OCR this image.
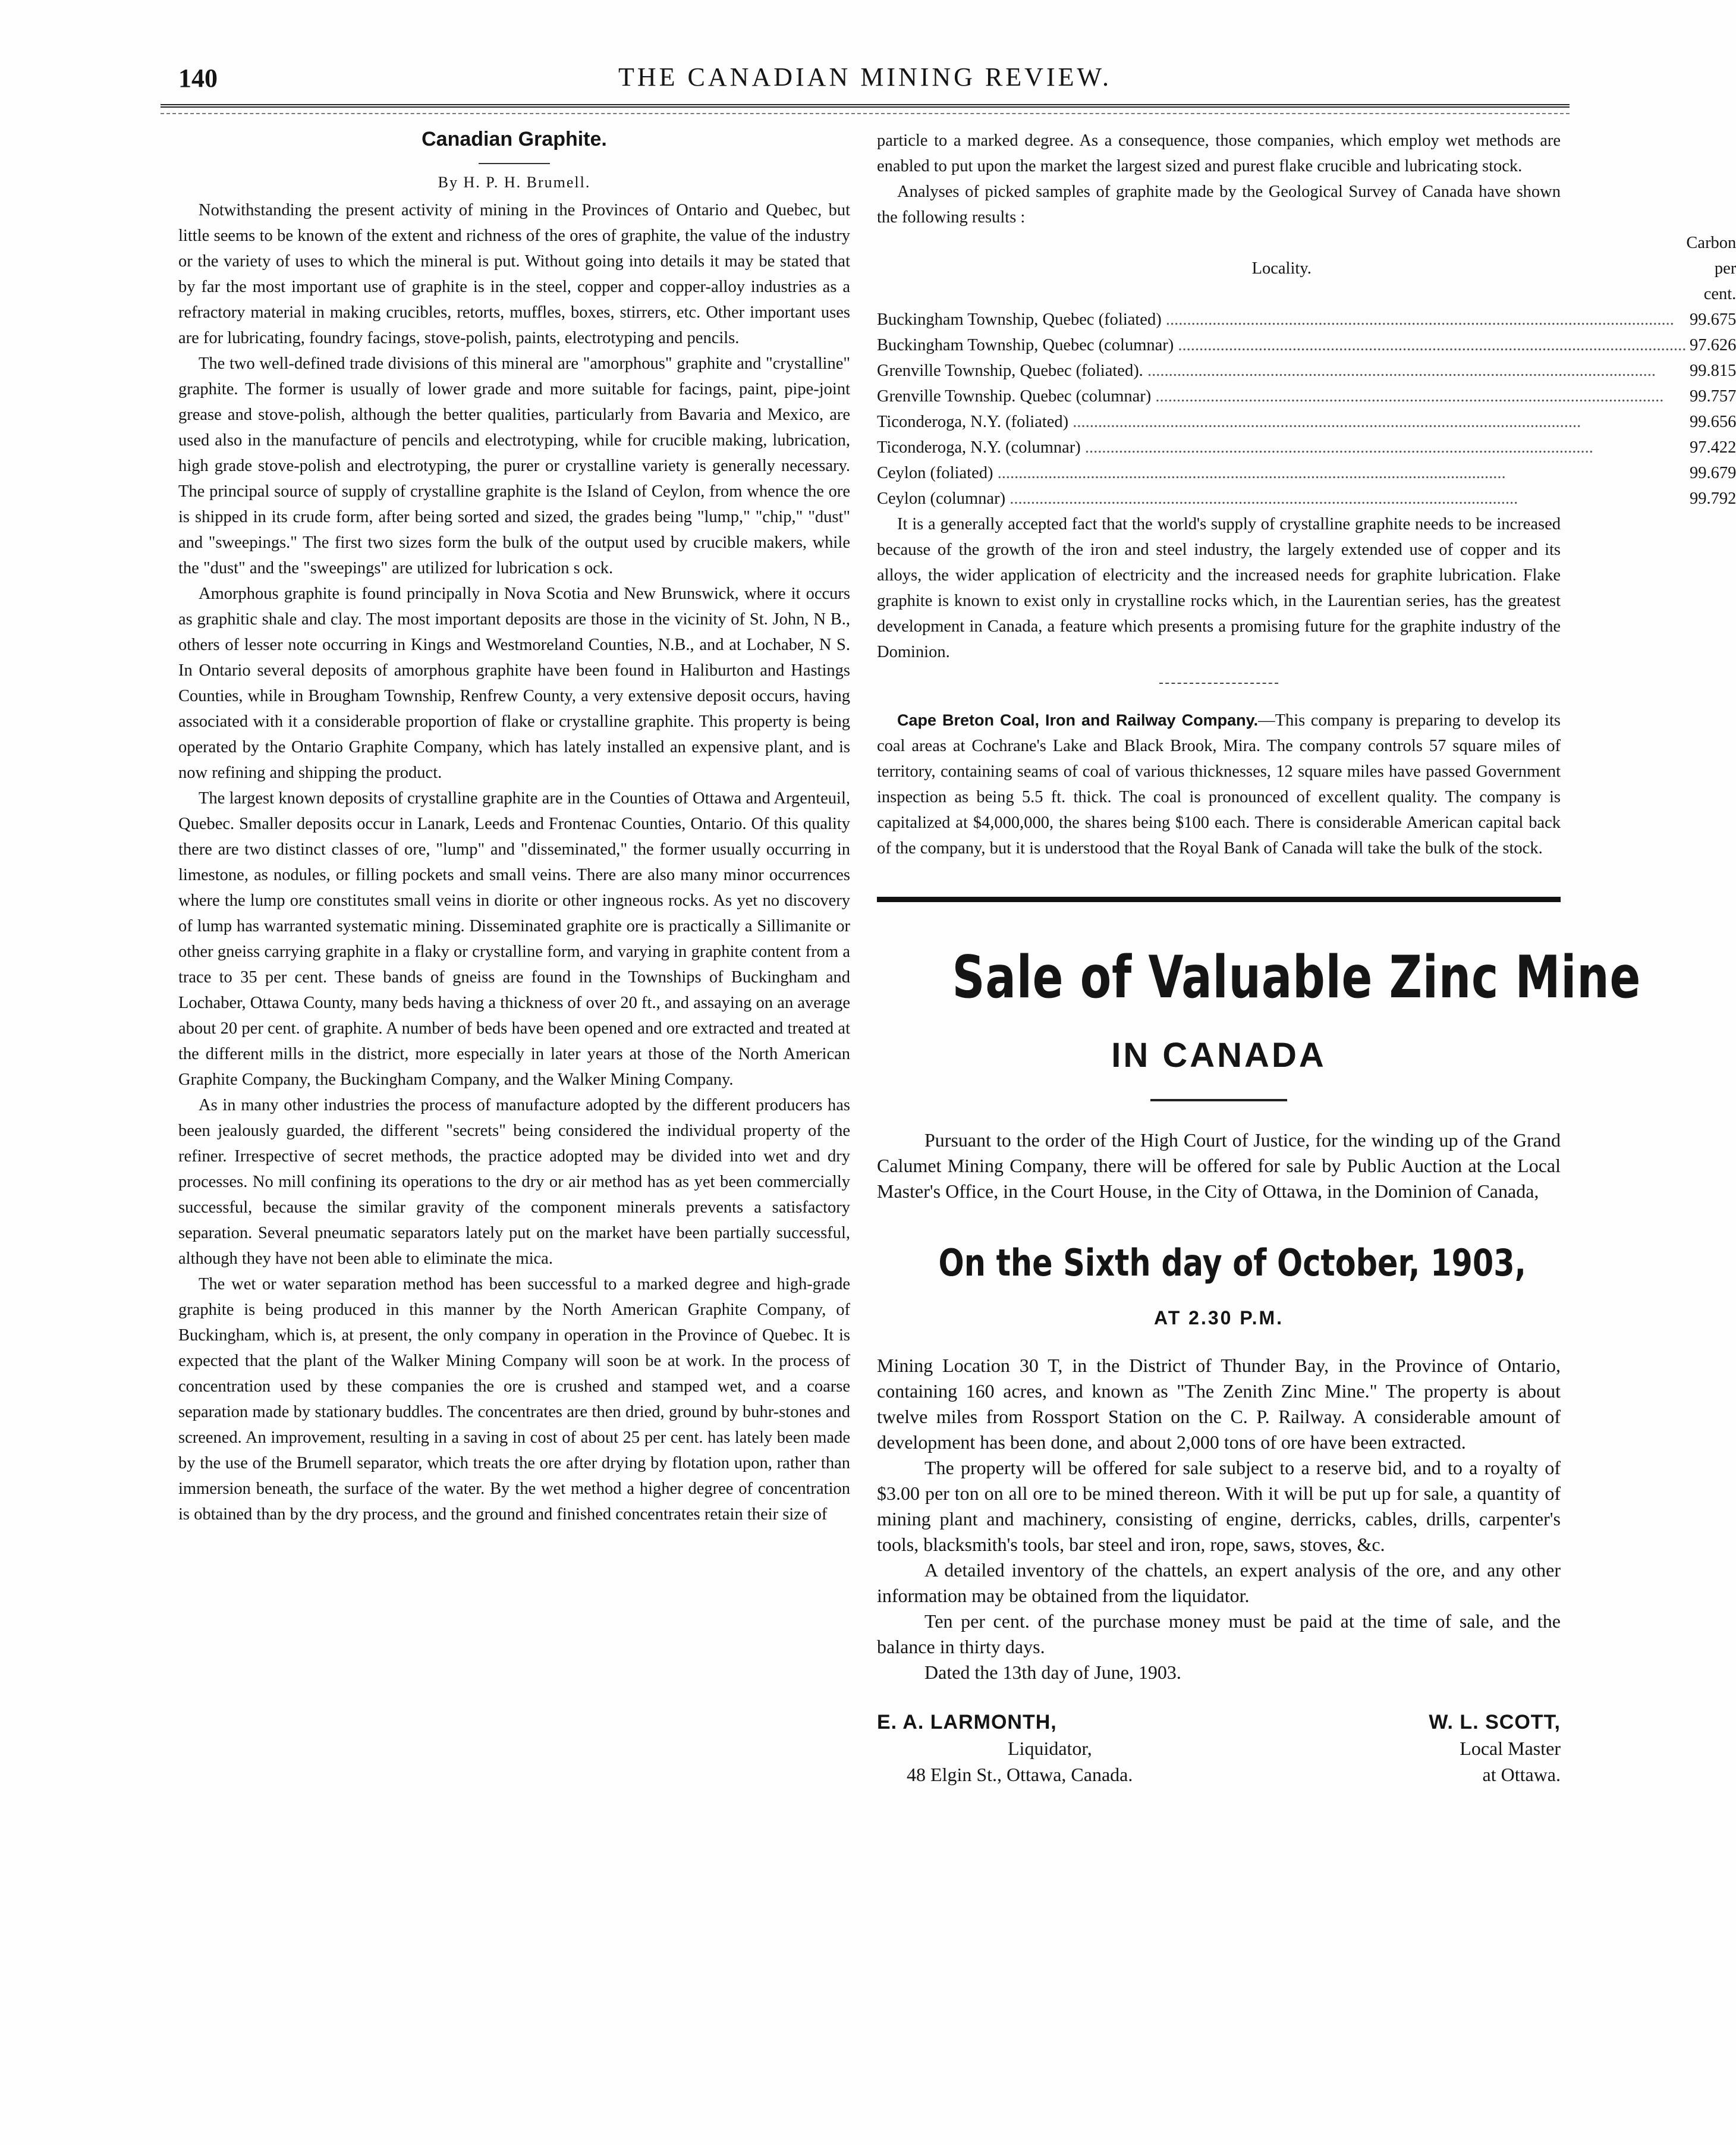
140	THE CANADIAN MINING REVIEW.
Canadian Graphite.
By H. P. H. Brumell.

Notwithstanding the present activity of mining in the Provinces of Ontario and Quebec, but little seems to be known of the extent and richness of the ores of graphite, the value of the industry or the variety of uses to which the mineral is put. Without going into details it may be stated that by far the most important use of graphite is in the steel, copper and copper-alloy industries as a refractory material in making crucibles, retorts, muffles, boxes, stirrers, etc. Other important uses are for lubricating, foundry facings, stove-polish, paints, electrotyping and pencils.

The two well-defined trade divisions of this mineral are "amorphous" graphite and "crystalline" graphite. The former is usually of lower grade and more suitable for facings, paint, pipe-joint grease and stove-polish, although the better qualities, particularly from Bavaria and Mexico, are used also in the manufacture of pencils and electrotyping, while for crucible making, lubrication, high grade stove-polish and electrotyping, the purer or crystalline variety is generally necessary. The principal source of supply of crystalline graphite is the Island of Ceylon, from whence the ore is shipped in its crude form, after being sorted and sized, the grades being "lump," "chip," "dust" and "sweepings." The first two sizes form the bulk of the output used by crucible makers, while the "dust" and the "sweepings" are utilized for lubrication s ock.

Amorphous graphite is found principally in Nova Scotia and New Brunswick, where it occurs as graphitic shale and clay. The most important deposits are those in the vicinity of St. John, N B., others of lesser note occurring in Kings and Westmoreland Counties, N.B., and at Lochaber, N S. In Ontario several deposits of amorphous graphite have been found in Haliburton and Hastings Counties, while in Brougham Township, Renfrew County, a very extensive deposit occurs, having associated with it a considerable proportion of flake or crystalline graphite. This property is being operated by the Ontario Graphite Company, which has lately installed an expensive plant, and is now refining and shipping the product.

The largest known deposits of crystalline graphite are in the Counties of Ottawa and Argenteuil, Quebec. Smaller deposits occur in Lanark, Leeds and Frontenac Counties, Ontario. Of this quality there are two distinct classes of ore, "lump" and "disseminated," the former usually occurring in limestone, as nodules, or filling pockets and small veins. There are also many minor occurrences where the lump ore constitutes small veins in diorite or other ingneous rocks. As yet no discovery of lump has warranted systematic mining. Disseminated graphite ore is practically a Sillimanite or other gneiss carrying graphite in a flaky or crystalline form, and varying in graphite content from a trace to 35 per cent. These bands of gneiss are found in the Townships of Buckingham and Lochaber, Ottawa County, many beds having a thickness of over 20 ft., and assaying on an average about 20 per cent. of graphite. A number of beds have been opened and ore extracted and treated at the different mills in the district, more especially in later years at those of the North American Graphite Company, the Buckingham Company, and the Walker Mining Company.

As in many other industries the process of manufacture adopted by the different producers has been jealously guarded, the different "secrets" being considered the individual property of the refiner. Irrespective of secret methods, the practice adopted may be divided into wet and dry processes. No mill confining its operations to the dry or air method has as yet been commercially successful, because the similar gravity of the component minerals prevents a satisfactory separation. Several pneumatic separators lately put on the market have been partially successful, although they have not been able to eliminate the mica.

The wet or water separation method has been successful to a marked degree and high-grade graphite is being produced in this manner by the North American Graphite Company, of Buckingham, which is, at present, the only company in operation in the Province of Quebec. It is expected that the plant of the Walker Mining Company will soon be at work. In the process of concentration used by these companies the ore is crushed and stamped wet, and a coarse separation made by stationary buddles. The concentrates are then dried, ground by buhr-stones and screened. An improvement, resulting in a saving in cost of about 25 per cent. has lately been made by the use of the Brumell separator, which treats the ore after drying by flotation upon, rather than immersion beneath, the surface of the water. By the wet method a higher degree of concentration is obtained than by the dry process, and the ground and finished concentrates retain their size of

particle to a marked degree. As a consequence, those companies, which employ wet methods are enabled to put upon the market the largest sized and purest flake crucible and lubricating stock.

Analyses of picked samples of graphite made by the Geological Survey of Canada have shown the following results :

	Carbon
Locality.	per cent.
Buckingham Township, Quebec (foliated) .....	99.675
Buckingham Township, Quebec (columnar) .....	97.626
Grenville Township, Quebec (foliated). .....	99.815
Grenville Township. Quebec (columnar) .....	99.757
Ticonderoga, N.Y. (foliated) .....	99.656
Ticonderoga, N.Y. (columnar) .....	97.422
Ceylon (foliated) .....	99.679
Ceylon (columnar) .....	99.792

It is a generally accepted fact that the world's supply of crystalline graphite needs to be increased because of the growth of the iron and steel industry, the largely extended use of copper and its alloys, the wider application of electricity and the increased needs for graphite lubrication. Flake graphite is known to exist only in crystalline rocks which, in the Laurentian series, has the greatest development in Canada, a feature which presents a promising future for the graphite industry of the Dominion.

Cape Breton Coal, Iron and Railway Company.—This company is preparing to develop its coal areas at Cochrane's Lake and Black Brook, Mira. The company controls 57 square miles of territory, containing seams of coal of various thicknesses, 12 square miles have passed Government inspection as being 5.5 ft. thick. The coal is pronounced of excellent quality. The company is capitalized at $4,000,000, the shares being $100 each. There is considerable American capital back of the company, but it is understood that the Royal Bank of Canada will take the bulk of the stock.

Sale of Valuable Zinc Mine
IN CANADA

Pursuant to the order of the High Court of Justice, for the winding up of the Grand Calumet Mining Company, there will be offered for sale by Public Auction at the Local Master's Office, in the Court House, in the City of Ottawa, in the Dominion of Canada,

On the Sixth day of October, 1903,
AT 2.30 P.M.

Mining Location 30 T, in the District of Thunder Bay, in the Province of Ontario, containing 160 acres, and known as "The Zenith Zinc Mine." The property is about twelve miles from Rossport Station on the C. P. Railway. A considerable amount of development has been done, and about 2,000 tons of ore have been extracted.

The property will be offered for sale subject to a reserve bid, and to a royalty of $3.00 per ton on all ore to be mined thereon. With it will be put up for sale, a quantity of mining plant and machinery, consisting of engine, derricks, cables, drills, carpenter's tools, blacksmith's tools, bar steel and iron, rope, saws, stoves, &c.

A detailed inventory of the chattels, an expert analysis of the ore, and any other information may be obtained from the liquidator.

Ten per cent. of the purchase money must be paid at the time of sale, and the balance in thirty days.

Dated the 13th day of June, 1903.

E. A. LARMONTH,
Liquidator,
48 Elgin St., Ottawa, Canada.
W. L. SCOTT,
Local Master
at Ottawa.
